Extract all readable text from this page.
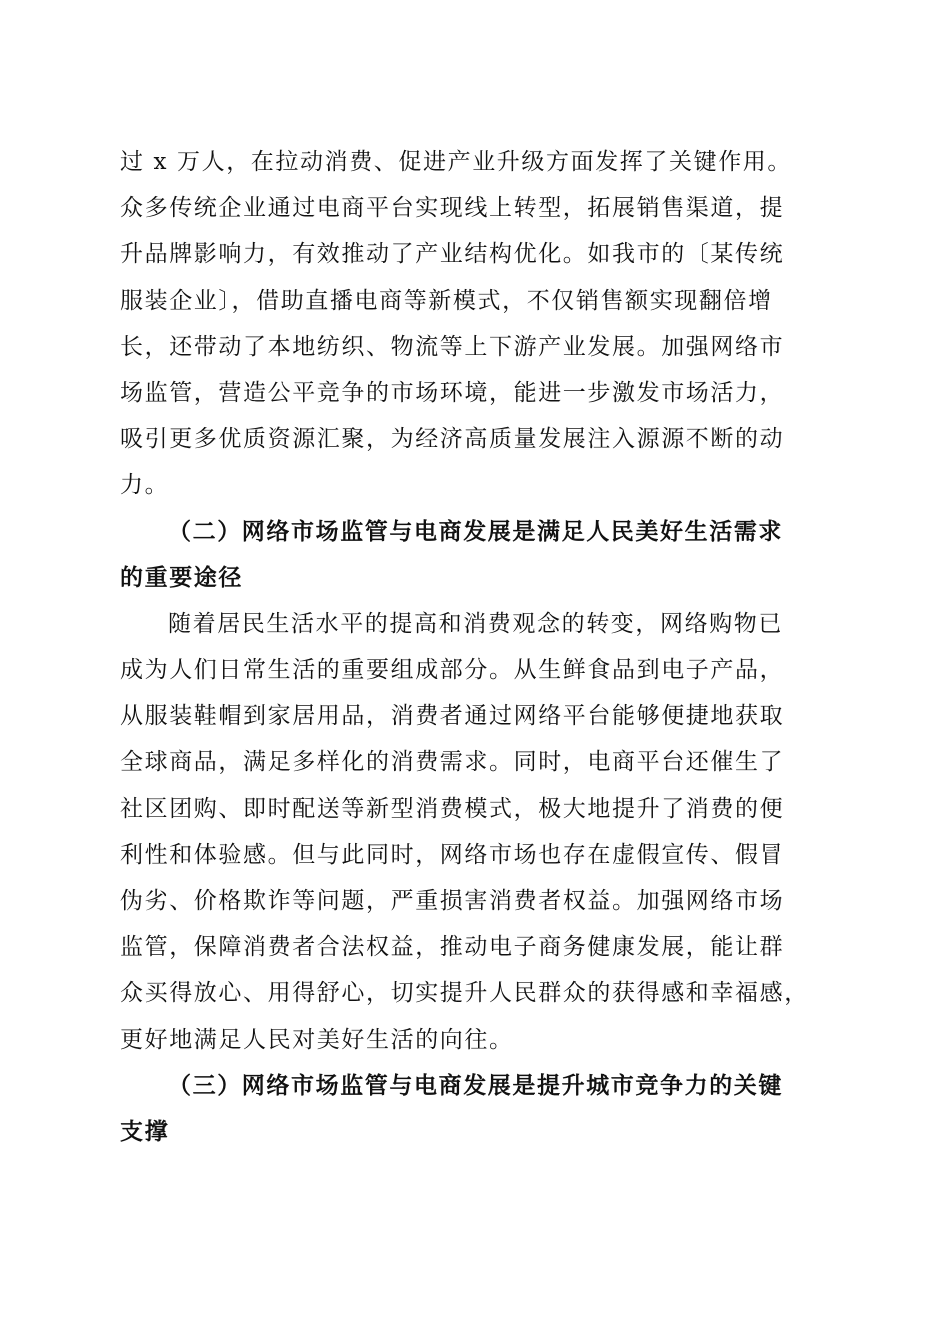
过 x 万人，在拉动消费、促进产业升级方面发挥了关键作用。
众多传统企业通过电商平台实现线上转型，拓展销售渠道，提
升品牌影响力，有效推动了产业结构优化。如我市的〔某传统
服装企业〕，借助直播电商等新模式，不仅销售额实现翻倍增
长，还带动了本地纺织、物流等上下游产业发展。加强网络市
场监管，营造公平竞争的市场环境，能进一步激发市场活力，
吸引更多优质资源汇聚，为经济高质量发展注入源源不断的动
力。
（二）网络市场监管与电商发展是满足人民美好生活需求
的重要途径
随着居民生活水平的提高和消费观念的转变，网络购物已
成为人们日常生活的重要组成部分。从生鲜食品到电子产品，
从服装鞋帽到家居用品，消费者通过网络平台能够便捷地获取
全球商品，满足多样化的消费需求。同时，电商平台还催生了
社区团购、即时配送等新型消费模式，极大地提升了消费的便
利性和体验感。但与此同时，网络市场也存在虚假宣传、假冒
伪劣、价格欺诈等问题，严重损害消费者权益。加强网络市场
监管，保障消费者合法权益，推动电子商务健康发展，能让群
众买得放心、用得舒心，切实提升人民群众的获得感和幸福感，
更好地满足人民对美好生活的向往。
（三）网络市场监管与电商发展是提升城市竞争力的关键
支撑
